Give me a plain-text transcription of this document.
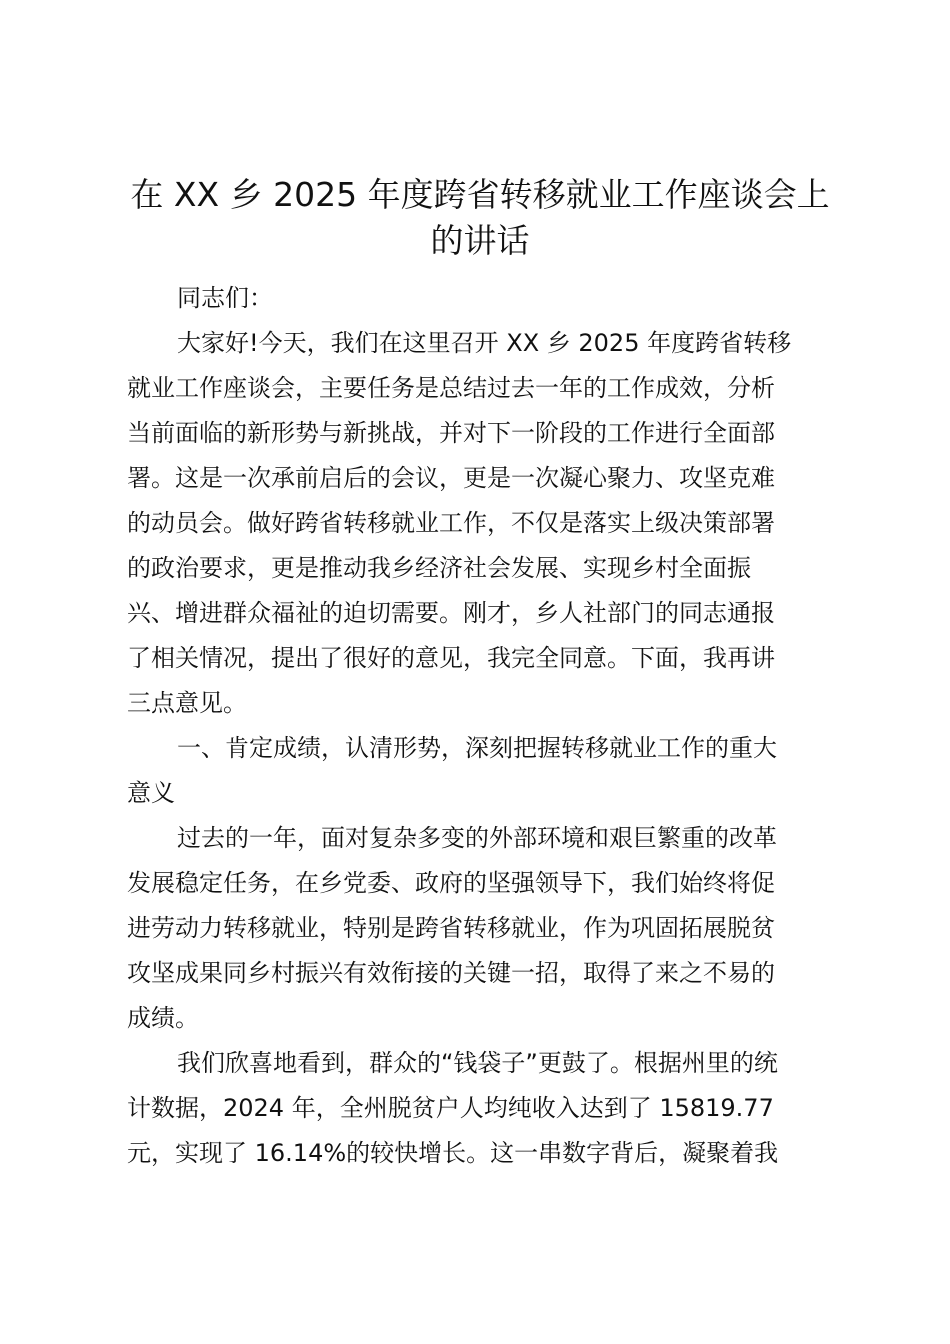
在 XX 乡 2025 年度跨省转移就业工作座谈会上
的讲话
同志们：
大家好!今天，我们在这里召开 XX 乡 2025 年度跨省转移
就业工作座谈会，主要任务是总结过去一年的工作成效，分析
当前面临的新形势与新挑战，并对下一阶段的工作进行全面部
署。这是一次承前启后的会议，更是一次凝心聚力、攻坚克难
的动员会。做好跨省转移就业工作，不仅是落实上级决策部署
的政治要求，更是推动我乡经济社会发展、实现乡村全面振
兴、增进群众福祉的迫切需要。刚才，乡人社部门的同志通报
了相关情况，提出了很好的意见，我完全同意。下面，我再讲
三点意见。
一、肯定成绩，认清形势，深刻把握转移就业工作的重大
意义
过去的一年，面对复杂多变的外部环境和艰巨繁重的改革
发展稳定任务，在乡党委、政府的坚强领导下，我们始终将促
进劳动力转移就业，特别是跨省转移就业，作为巩固拓展脱贫
攻坚成果同乡村振兴有效衔接的关键一招，取得了来之不易的
成绩。
我们欣喜地看到，群众的“钱袋子”更鼓了。根据州里的统
计数据，2024 年，全州脱贫户人均纯收入达到了 15819.77
元，实现了 16.14%的较快增长。这一串数字背后，凝聚着我
